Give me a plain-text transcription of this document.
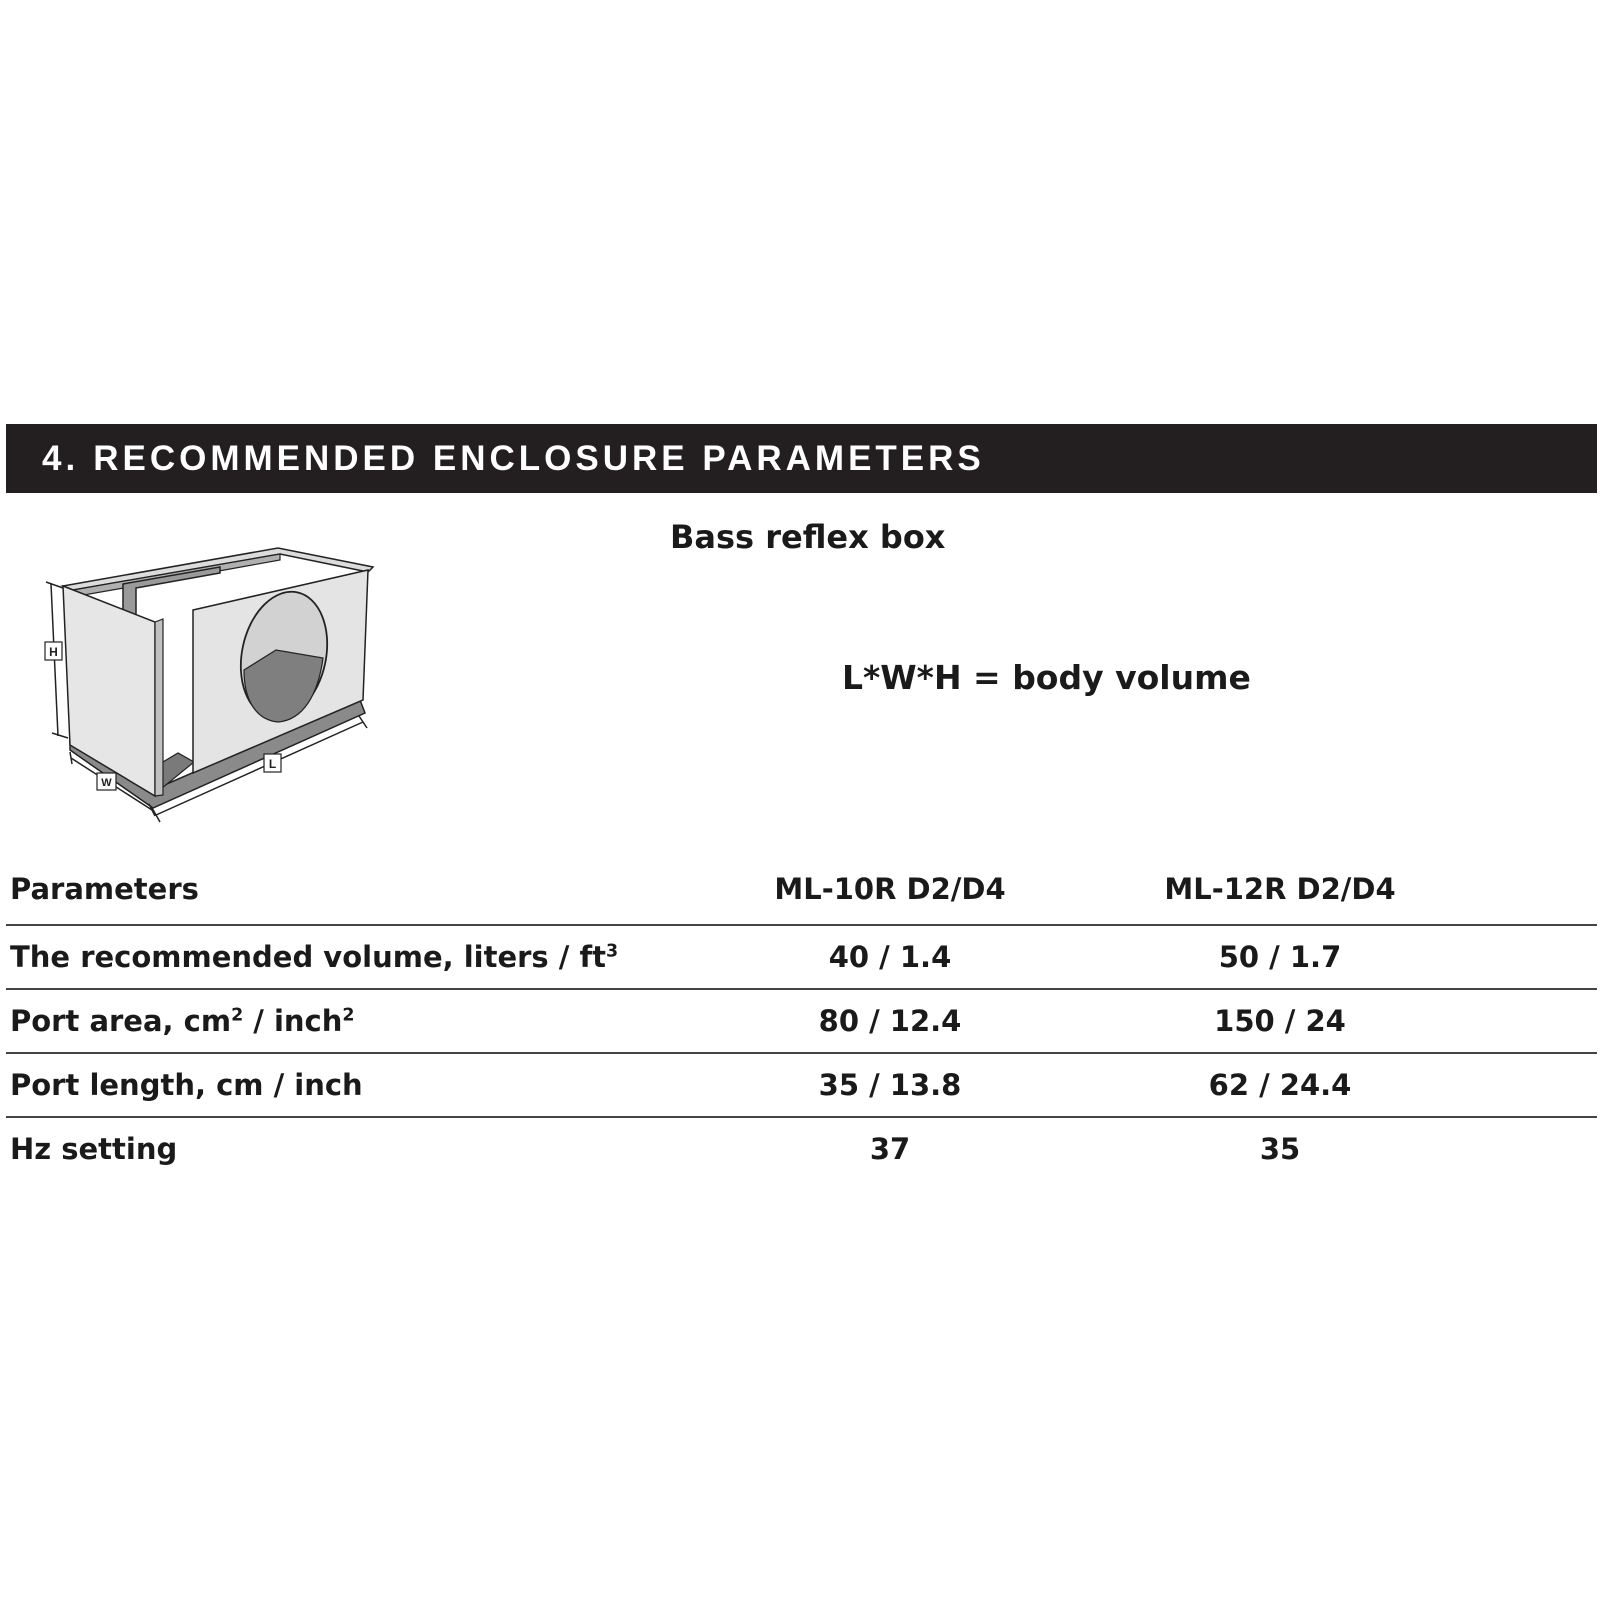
4. RECOMMENDED ENCLOSURE PARAMETERS
H
W
L
Bass reflex box
L*W*H = body volume
Parameters	ML-10R D2/D4	ML-12R D2/D4	
The recommended volume, liters / $ft^3$	40 / 1.4	50 / 1.7	
Port area, $cm^2$ / inch$^2$	80 / 12.4	150 / 24	
Port length, cm / inch	35 / 13.8	62 / 24.4	
Hz setting	37	35	
